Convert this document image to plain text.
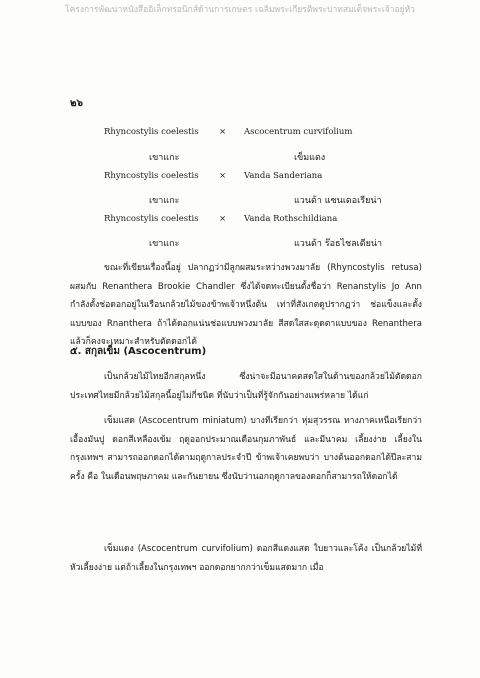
โครงการพัฒนาหนังสืออิเล็กทรอนิกส์ด้านการเกษตร เฉลิมพระเกียรติพระบาทสมเด็จพระเจ้าอยู่หัว
๒๖
Rhyncostylis coelestis × Ascocentrum curvifolium
เขาแกะ	เข็มแดง
Rhyncostylis coelestis × Vanda Sanderiana
เขาแกะ	แวนด้า แซนเดอเรียน่า
Rhyncostylis coelestis × Vanda Rothschildiana
เขาแกะ	แวนด้า ร๊อธไชลเดียน่า
ขณะที่เขียนเรื่องนี้อยู่ ปลากฏว่ามีลูกผสมระหว่างพวงมาลัย (Rhyncostylis retusa) ผสมกับ Renanthera Brookie Chandler ซึ่งได้จดทะเบียนตั้งชื่อว่า Renanstylis Jo Ann กำลังตั้งช่อดอกอยู่ในเรือนกล้วยไม้ของข้าพเจ้าหนึ่งต้น เท่าที่สังเกตดูปรากฏว่า ช่อแข็งและตั้งแบบของ Rnanthera ถ้าได้ดอกแน่นช่อแบบพวงมาลัย สีสดใสสะดุดตาแบบของ Renanthera แล้วก็คงจะเหมาะสำหรับตัดดอกได้
๕. สกุลเข็ม (Ascocentrum)
เป็นกล้วยไม้ไทยอีกสกุลหนึ่ง ซึ่งน่าจะมีอนาคตสดใสในด้านของกล้วยไม้ตัดดอกประเทศไทยมีกล้วยไม้สกุลนี้อยู่ไม่กี่ชนิด ที่นับว่าเป็นที่รู้จักกันอย่างแพร่หลาย ได้แก่
เข็มแสด (Ascocentrum miniatum) บางทีเรียกว่า หุ่มสุวรรณ ทางภาคเหนือเรียกว่าเอื้องมันปู ดอกสีเหลืองเข้ม ฤดูออกประมาณเดือนกุมภาพันธ์ และมีนาคม เลี้ยงง่าย เลี้ยงในกรุงเทพฯ สามารถออกดอกได้ตามฤดูกาลประจำปี ข้าพเจ้าเคยพบว่า บางต้นออกดอกได้ปีละสามครั้ง คือ ในเดือนพฤษภาคม และกันยายน ซึ่งนับว่านอกฤดูกาลของดอกก็สามารถให้ดอกได้
เข็มแดง (Ascocentrum curvifolium) ดอกสีแดงแสด ใบยาวและโค้ง เป็นกล้วยไม้ที่หัวเลี้ยงง่าย แต่ถ้าเลี้ยงในกรุงเทพฯ ออกดอกยากกว่าเข็มแสดมาก เมื่อ
